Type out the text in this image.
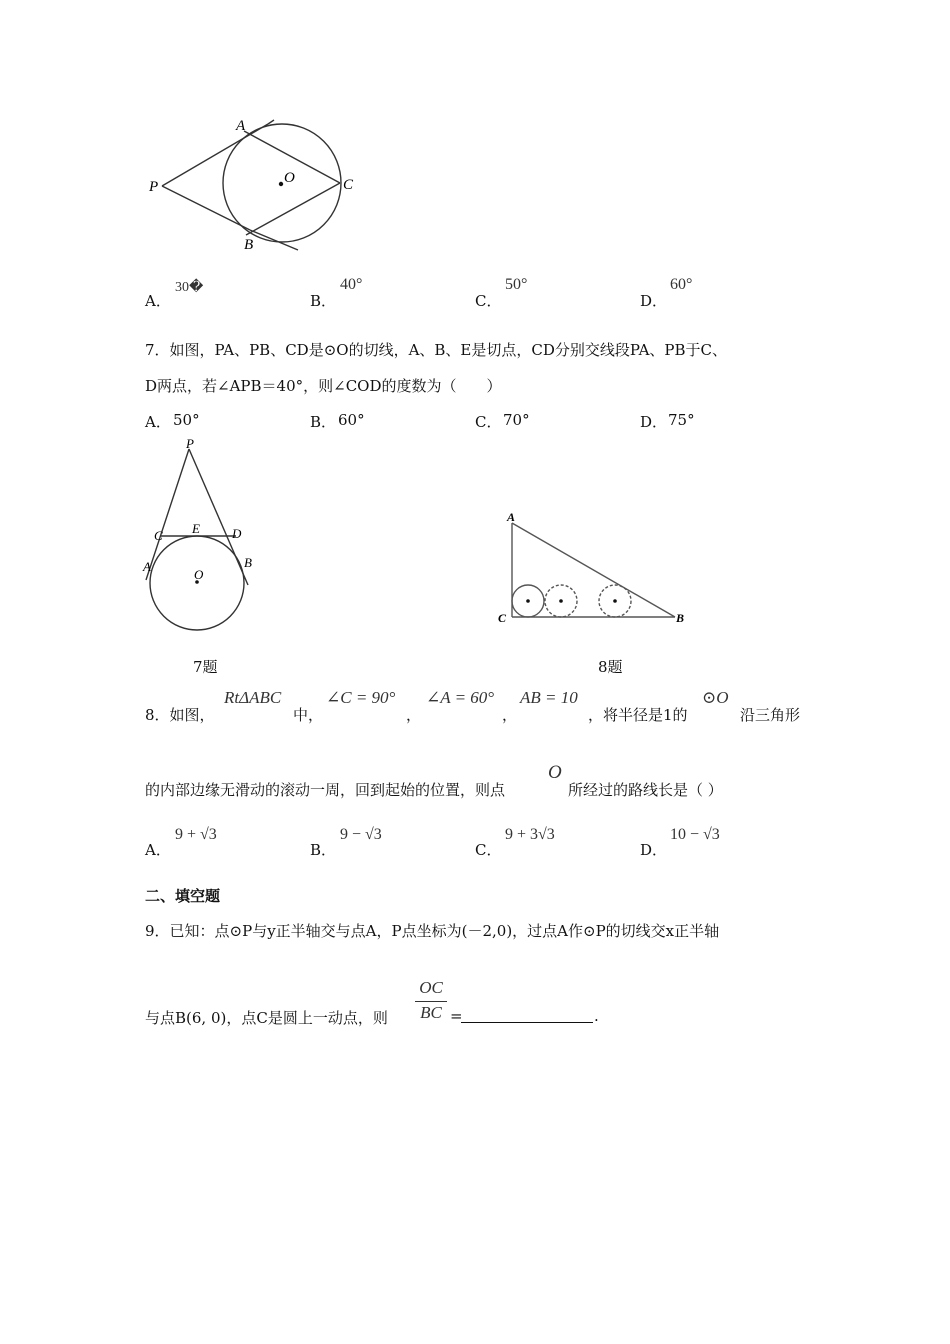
A
P
O	C
B
A．
30�
B．
40°
C．
50°
D．
60°
7．如图，PA、PB、CD是⊙O的切线，A、B、E是切点，CD分别交线段PA、PB于C、
D两点，若∠APB＝40°，则∠COD的度数为（　　）
A． 50°	B． 60°	C． 70°	D． 75°
P
C E D
A	B
O
7题
A
C	B
8题
8．如图，
RtΔABC
中，
∠C = 90°
，
∠A = 60°
，
AB = 10
，将半径是1的
⊙O
沿三角形
的内部边缘无滑动的滚动一周，回到起始的位置，则点
O
所经过的路线长是（ ）
A．
9 + √3
B．
9 − √3
C．
9 + 3√3
D．
10 − √3
二、填空题
9．已知：点⊙P与y正半轴交与点A，P点坐标为(－2,0)，过点A作⊙P的切线交x正半轴
与点B(6, 0)，点C是圆上一动点，则
OC
BC =	.
